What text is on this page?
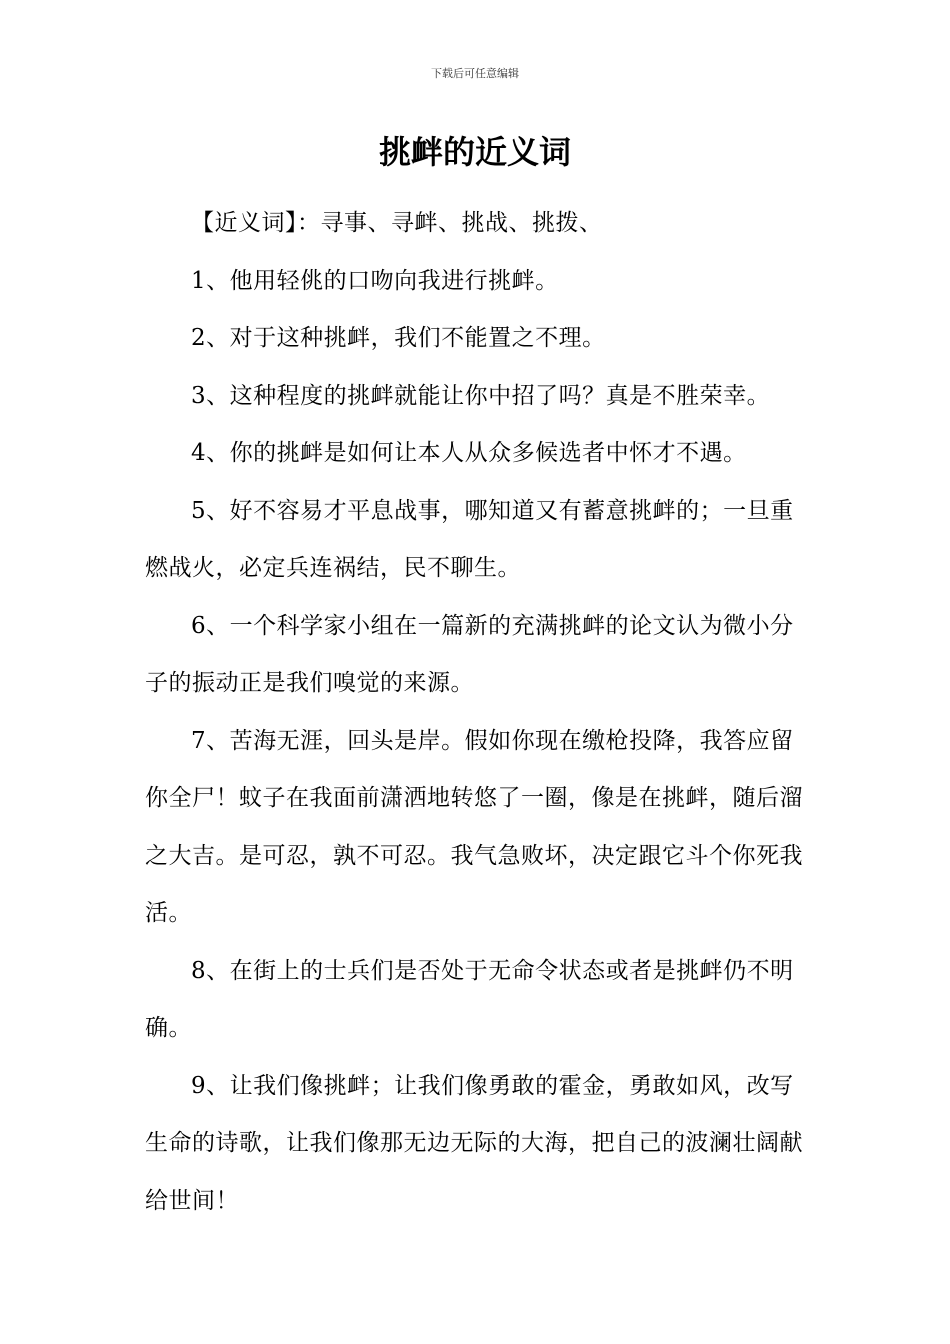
下载后可任意编辑
挑衅的近义词

【近义词】：寻事、寻衅、挑战、挑拨、

1、他用轻佻的口吻向我进行挑衅。

2、对于这种挑衅，我们不能置之不理。

3、这种程度的挑衅就能让你中招了吗？真是不胜荣幸。

4、你的挑衅是如何让本人从众多候选者中怀才不遇。

5、好不容易才平息战事，哪知道又有蓄意挑衅的；一旦重燃战火，必定兵连祸结，民不聊生。

6、一个科学家小组在一篇新的充满挑衅的论文认为微小分子的振动正是我们嗅觉的来源。

7、苦海无涯，回头是岸。假如你现在缴枪投降，我答应留你全尸！蚊子在我面前潇洒地转悠了一圈，像是在挑衅，随后溜之大吉。是可忍，孰不可忍。我气急败坏，决定跟它斗个你死我活。

8、在街上的士兵们是否处于无命令状态或者是挑衅仍不明确。

9、让我们像挑衅；让我们像勇敢的霍金，勇敢如风，改写生命的诗歌，让我们像那无边无际的大海，把自己的波澜壮阔献给世间！
